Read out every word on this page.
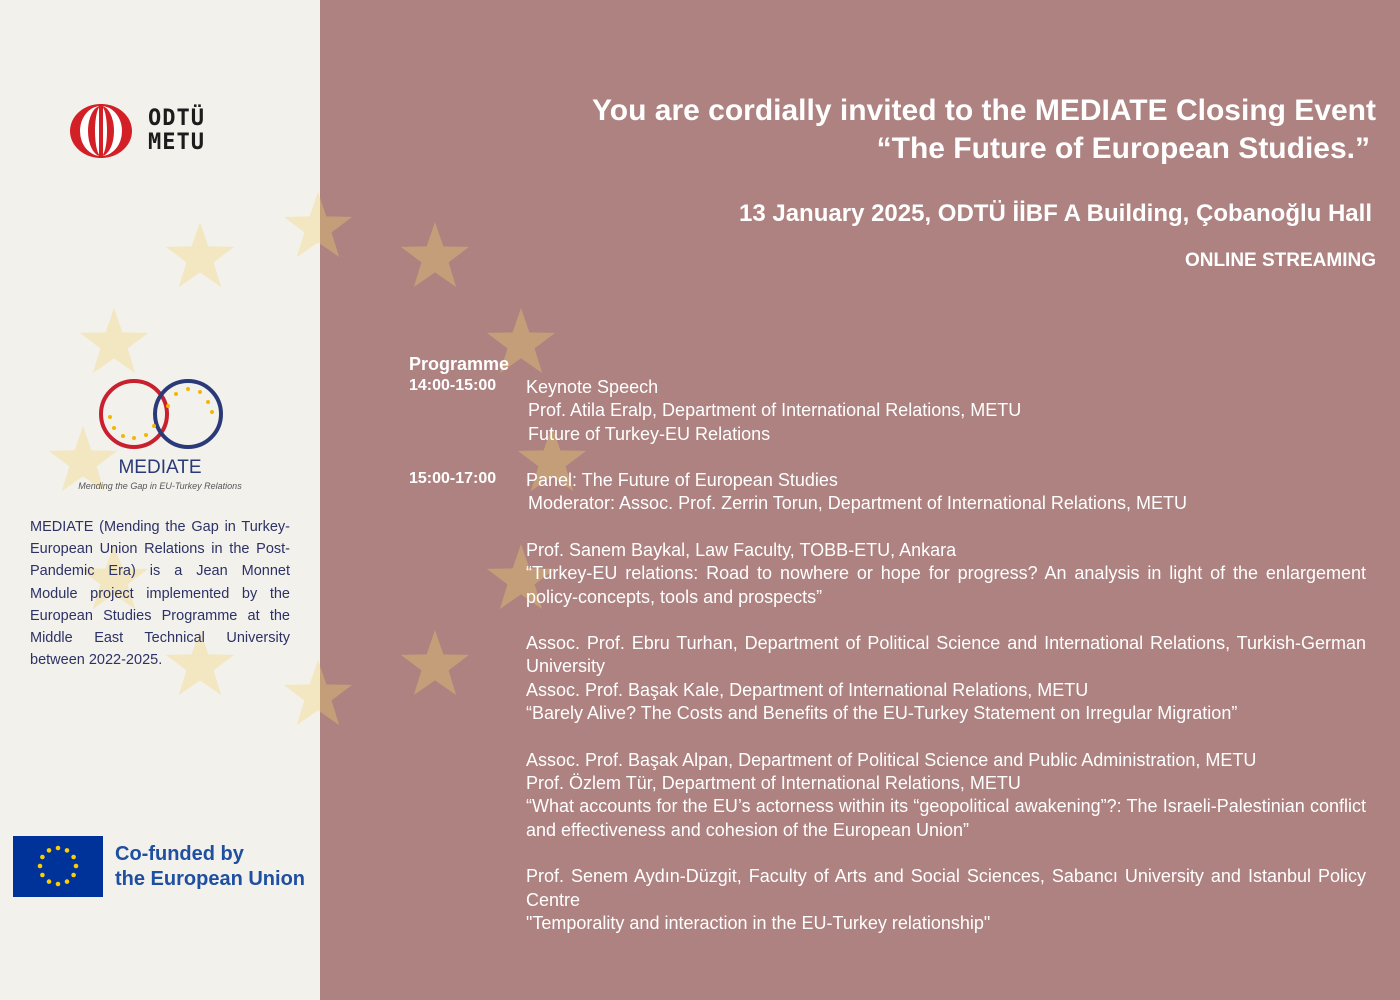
ODTÜ
METU
MEDIATE
Mending the Gap in EU-Turkey Relations
MEDIATE (Mending the Gap in Turkey-European Union Relations in the Post-Pandemic Era) is a Jean Monnet Module project implemented by the European Studies Programme at the Middle East Technical University between 2022-2025.
Co-funded by
the European Union
You are cordially invited to the MEDIATE Closing Event
“The Future of European Studies.”
13 January 2025, ODTÜ İİBF A Building, Çobanoğlu Hall
ONLINE STREAMING
Programme
14:00-15:00 Keynote Speech
Prof. Atila Eralp, Department of International Relations, METU
Future of Turkey-EU Relations
15:00-17:00 Panel: The Future of European Studies
Moderator: Assoc. Prof. Zerrin Torun, Department of International Relations, METU
Prof. Sanem Baykal, Law Faculty, TOBB-ETU, Ankara
“Turkey-EU relations: Road to nowhere or hope for progress? An analysis in light of the enlargement policy-concepts, tools and prospects”
Assoc. Prof. Ebru Turhan, Department of Political Science and International Relations, Turkish-German University
Assoc. Prof. Başak Kale, Department of International Relations, METU
“Barely Alive? The Costs and Benefits of the EU-Turkey Statement on Irregular Migration”
Assoc. Prof. Başak Alpan, Department of Political Science and Public Administration, METU
Prof. Özlem Tür, Department of International Relations, METU
“What accounts for the EU’s actorness within its “geopolitical awakening”?: The Israeli-Palestinian conflict and effectiveness and cohesion of the European Union”
Prof. Senem Aydın-Düzgit, Faculty of Arts and Social Sciences, Sabancı University and Istanbul Policy Centre
"Temporality and interaction in the EU-Turkey relationship"
